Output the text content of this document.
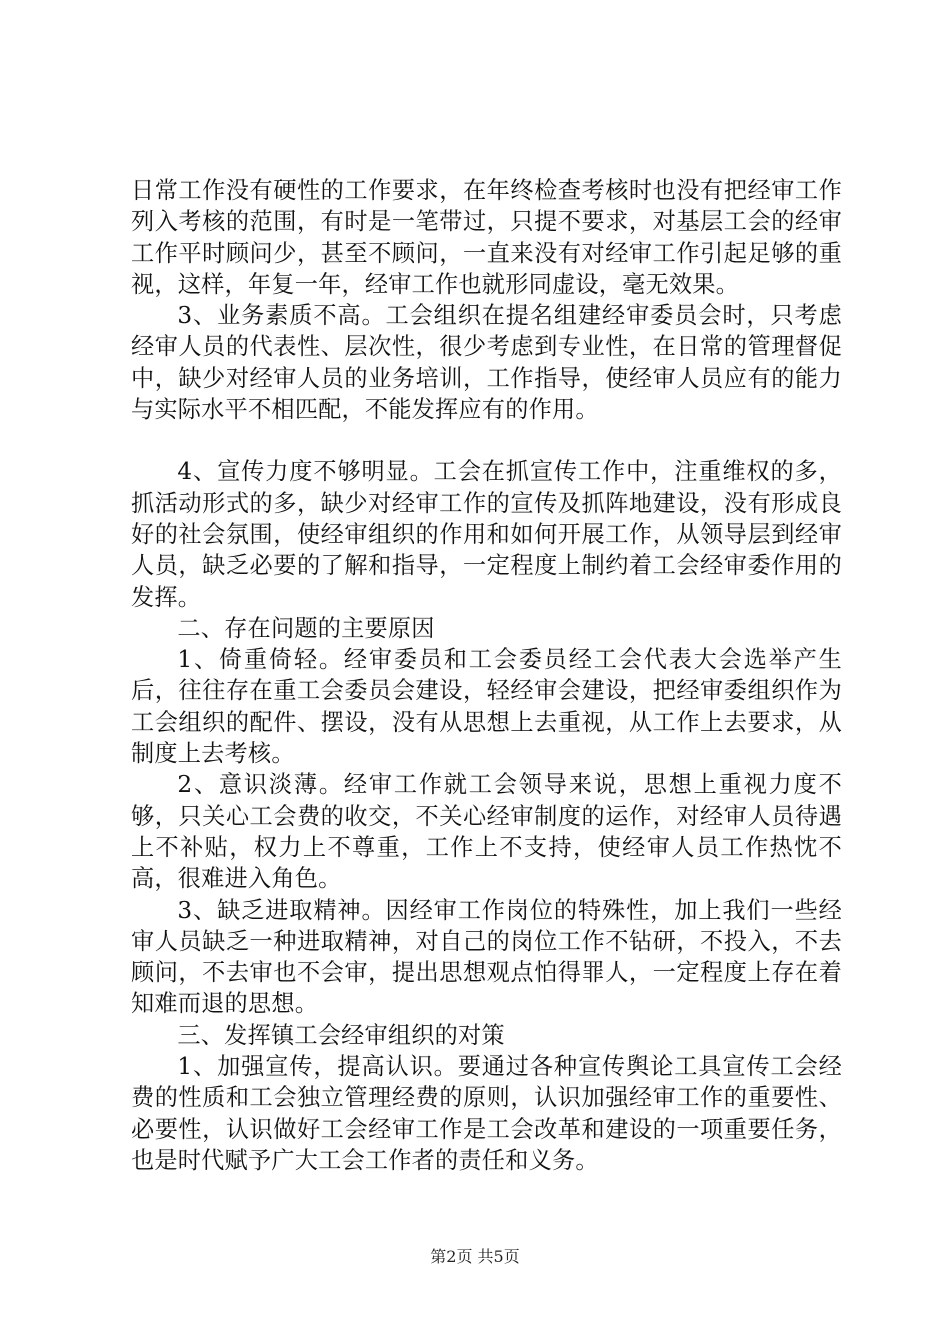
日常工作没有硬性的工作要求，在年终检查考核时也没有把经审工作列入考核的范围，有时是一笔带过，只提不要求，对基层工会的经审工作平时顾问少，甚至不顾问，一直来没有对经审工作引起足够的重视，这样，年复一年，经审工作也就形同虚设，毫无效果。

3、业务素质不高。工会组织在提名组建经审委员会时，只考虑经审人员的代表性、层次性，很少考虑到专业性，在日常的管理督促中，缺少对经审人员的业务培训，工作指导，使经审人员应有的能力与实际水平不相匹配，不能发挥应有的作用。

4、宣传力度不够明显。工会在抓宣传工作中，注重维权的多，抓活动形式的多，缺少对经审工作的宣传及抓阵地建设，没有形成良好的社会氛围，使经审组织的作用和如何开展工作，从领导层到经审人员，缺乏必要的了解和指导，一定程度上制约着工会经审委作用的发挥。

二、存在问题的主要原因

1、倚重倚轻。经审委员和工会委员经工会代表大会选举产生后，往往存在重工会委员会建设，轻经审会建设，把经审委组织作为工会组织的配件、摆设，没有从思想上去重视，从工作上去要求，从制度上去考核。

2、意识淡薄。经审工作就工会领导来说，思想上重视力度不够，只关心工会费的收交，不关心经审制度的运作，对经审人员待遇上不补贴，权力上不尊重，工作上不支持，使经审人员工作热忱不高，很难进入角色。

3、缺乏进取精神。因经审工作岗位的特殊性，加上我们一些经审人员缺乏一种进取精神，对自己的岗位工作不钻研，不投入，不去顾问，不去审也不会审，提出思想观点怕得罪人，一定程度上存在着知难而退的思想。

三、发挥镇工会经审组织的对策

1、加强宣传，提高认识。要通过各种宣传舆论工具宣传工会经费的性质和工会独立管理经费的原则，认识加强经审工作的重要性、必要性，认识做好工会经审工作是工会改革和建设的一项重要任务，也是时代赋予广大工会工作者的责任和义务。

第2页 共5页
